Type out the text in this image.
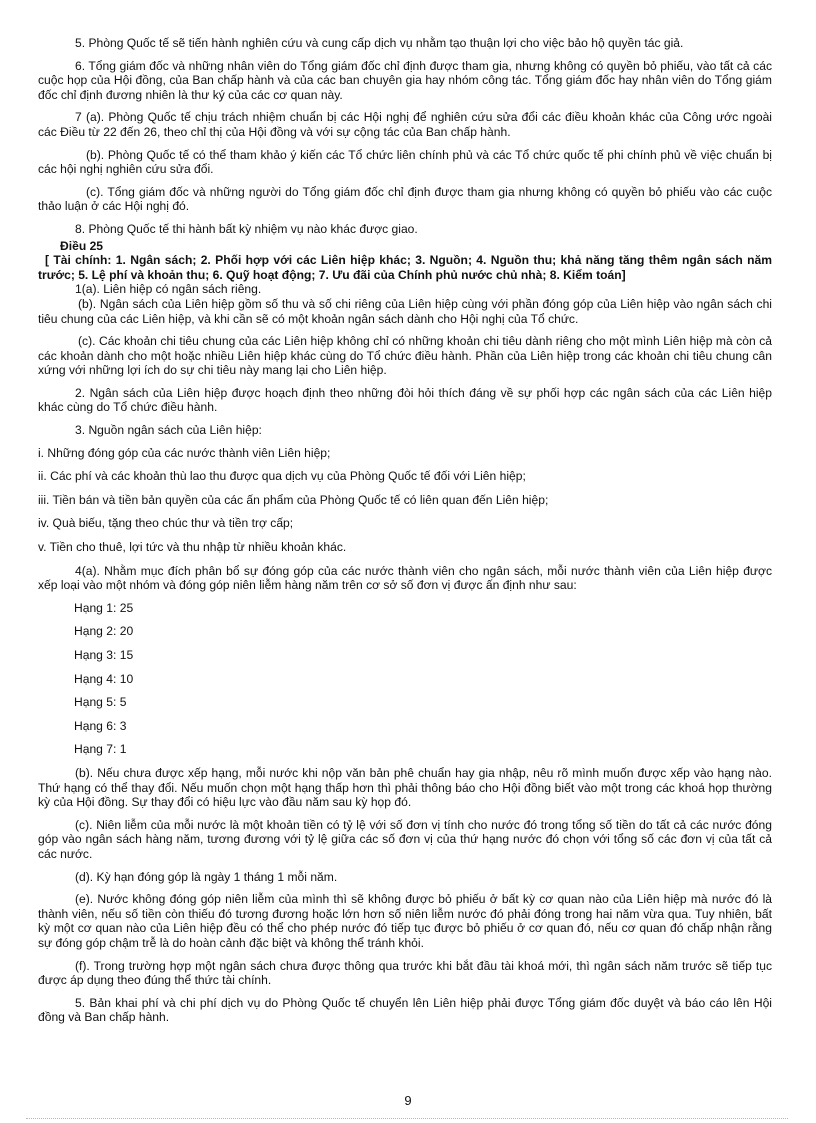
5. Phòng Quốc tế sẽ tiến hành nghiên cứu và cung cấp dịch vụ nhằm tạo thuận lợi cho việc bảo hộ quyền tác giả.

6. Tổng giám đốc và những nhân viên do Tổng giám đốc chỉ định được tham gia, nhưng không có quyền bỏ phiếu, vào tất cả các cuộc họp của Hội đồng, của Ban chấp hành và của các ban chuyên gia hay nhóm công tác. Tổng giám đốc hay nhân viên do Tổng giám đốc chỉ định đương nhiên là thư ký của các cơ quan này.

7 (a). Phòng Quốc tế chịu trách nhiệm chuẩn bị các Hội nghị để nghiên cứu sửa đổi các điều khoản khác của Công ước ngoài các Điều từ 22 đến 26, theo chỉ thị của Hội đồng và với sự cộng tác của Ban chấp hành.

(b). Phòng Quốc tế có thể tham khảo ý kiến các Tổ chức liên chính phủ và các Tổ chức quốc tế phi chính phủ về việc chuẩn bị các hội nghị nghiên cứu sửa đổi.

(c). Tổng giám đốc và những người do Tổng giám đốc chỉ định được tham gia nhưng không có quyền bỏ phiếu vào các cuộc thảo luận ở các Hội nghị đó.

8. Phòng Quốc tế thi hành bất kỳ nhiệm vụ nào khác được giao.

Điều 25

[ Tài chính: 1. Ngân sách; 2. Phối hợp với các Liên hiệp khác; 3. Nguồn; 4. Nguồn thu; khả năng tăng thêm ngân sách năm trước; 5. Lệ phí và khoản thu; 6. Quỹ hoạt động; 7. Ưu đãi của Chính phủ nước chủ nhà; 8. Kiểm toán]

1(a). Liên hiệp có ngân sách riêng.

(b). Ngân sách của Liên hiệp gồm số thu và số chi riêng của Liên hiệp cùng với phần đóng góp của Liên hiệp vào ngân sách chi tiêu chung của các Liên hiệp, và khi cần sẽ có một khoản ngân sách dành cho Hội nghị của Tổ chức.

(c). Các khoản chi tiêu chung của các Liên hiệp không chỉ có những khoản chi tiêu dành riêng cho một mình Liên hiệp mà còn cả các khoản dành cho một hoặc nhiều Liên hiệp khác cùng do Tổ chức điều hành. Phần của Liên hiệp trong các khoản chi tiêu chung cân xứng với những lợi ích do sự chi tiêu này mang lại cho Liên hiệp.

2. Ngân sách của Liên hiệp được hoạch định theo những đòi hỏi thích đáng về sự phối hợp các ngân sách của các Liên hiệp khác cùng do Tổ chức điều hành.

3. Nguồn ngân sách của Liên hiệp:

i. Những đóng góp của các nước thành viên Liên hiệp;

ii. Các phí và các khoản thù lao thu được qua dịch vụ của Phòng Quốc tế đối với Liên hiệp;

iii. Tiền bán và tiền bản quyền của các ấn phẩm của Phòng Quốc tế có liên quan đến Liên hiệp;

iv. Quà biếu, tặng theo chúc thư và tiền trợ cấp;

v. Tiền cho thuê, lợi tức và thu nhập từ nhiều khoản khác.

4(a). Nhằm mục đích phân bổ sự đóng góp của các nước thành viên cho ngân sách, mỗi nước thành viên của Liên hiệp được xếp loại vào một nhóm và đóng góp niên liễm hàng năm trên cơ sở số đơn vị được ấn định như sau:

Hạng 1: 25

Hạng 2: 20

Hạng 3: 15

Hạng 4: 10

Hạng 5: 5

Hạng 6: 3

Hạng 7: 1

(b). Nếu chưa được xếp hạng, mỗi nước khi nộp văn bản phê chuẩn hay gia nhập, nêu rõ mình muốn được xếp vào hạng nào. Thứ hạng có thể thay đổi. Nếu muốn chọn một hạng thấp hơn thì phải thông báo cho Hội đồng biết vào một trong các khoá họp thường kỳ của Hội đồng. Sự thay đổi có hiệu lực vào đầu năm sau kỳ họp đó.

(c). Niên liễm của mỗi nước là một khoản tiền có tỷ lệ với số đơn vị tính cho nước đó trong tổng số tiền do tất cả các nước đóng góp vào ngân sách hàng năm, tương đương với tỷ lệ giữa các số đơn vị của thứ hạng nước đó chọn với tổng số các đơn vị của tất cả các nước.

(d). Kỳ hạn đóng góp là ngày 1 tháng 1 mỗi năm.

(e). Nước không đóng góp niên liễm của mình thì sẽ không được bỏ phiếu ở bất kỳ cơ quan nào của Liên hiệp mà nước đó là thành viên, nếu số tiền còn thiếu đó tương đương hoặc lớn hơn số niên liễm nước đó phải đóng trong hai năm vừa qua. Tuy nhiên, bất kỳ một cơ quan nào của Liên hiệp đều có thể cho phép nước đó tiếp tục được bỏ phiếu ở cơ quan đó, nếu cơ quan đó chấp nhận rằng sự đóng góp chậm trễ là do hoàn cảnh đặc biệt và không thể tránh khỏi.

(f). Trong trường hợp một ngân sách chưa được thông qua trước khi bắt đầu tài khoá mới, thì ngân sách năm trước sẽ tiếp tục được áp dụng theo đúng thể thức tài chính.

5. Bản khai phí và chi phí dịch vụ do Phòng Quốc tế chuyển lên Liên hiệp phải được Tổng giám đốc duyệt và báo cáo lên Hội đồng và Ban chấp hành.

9
